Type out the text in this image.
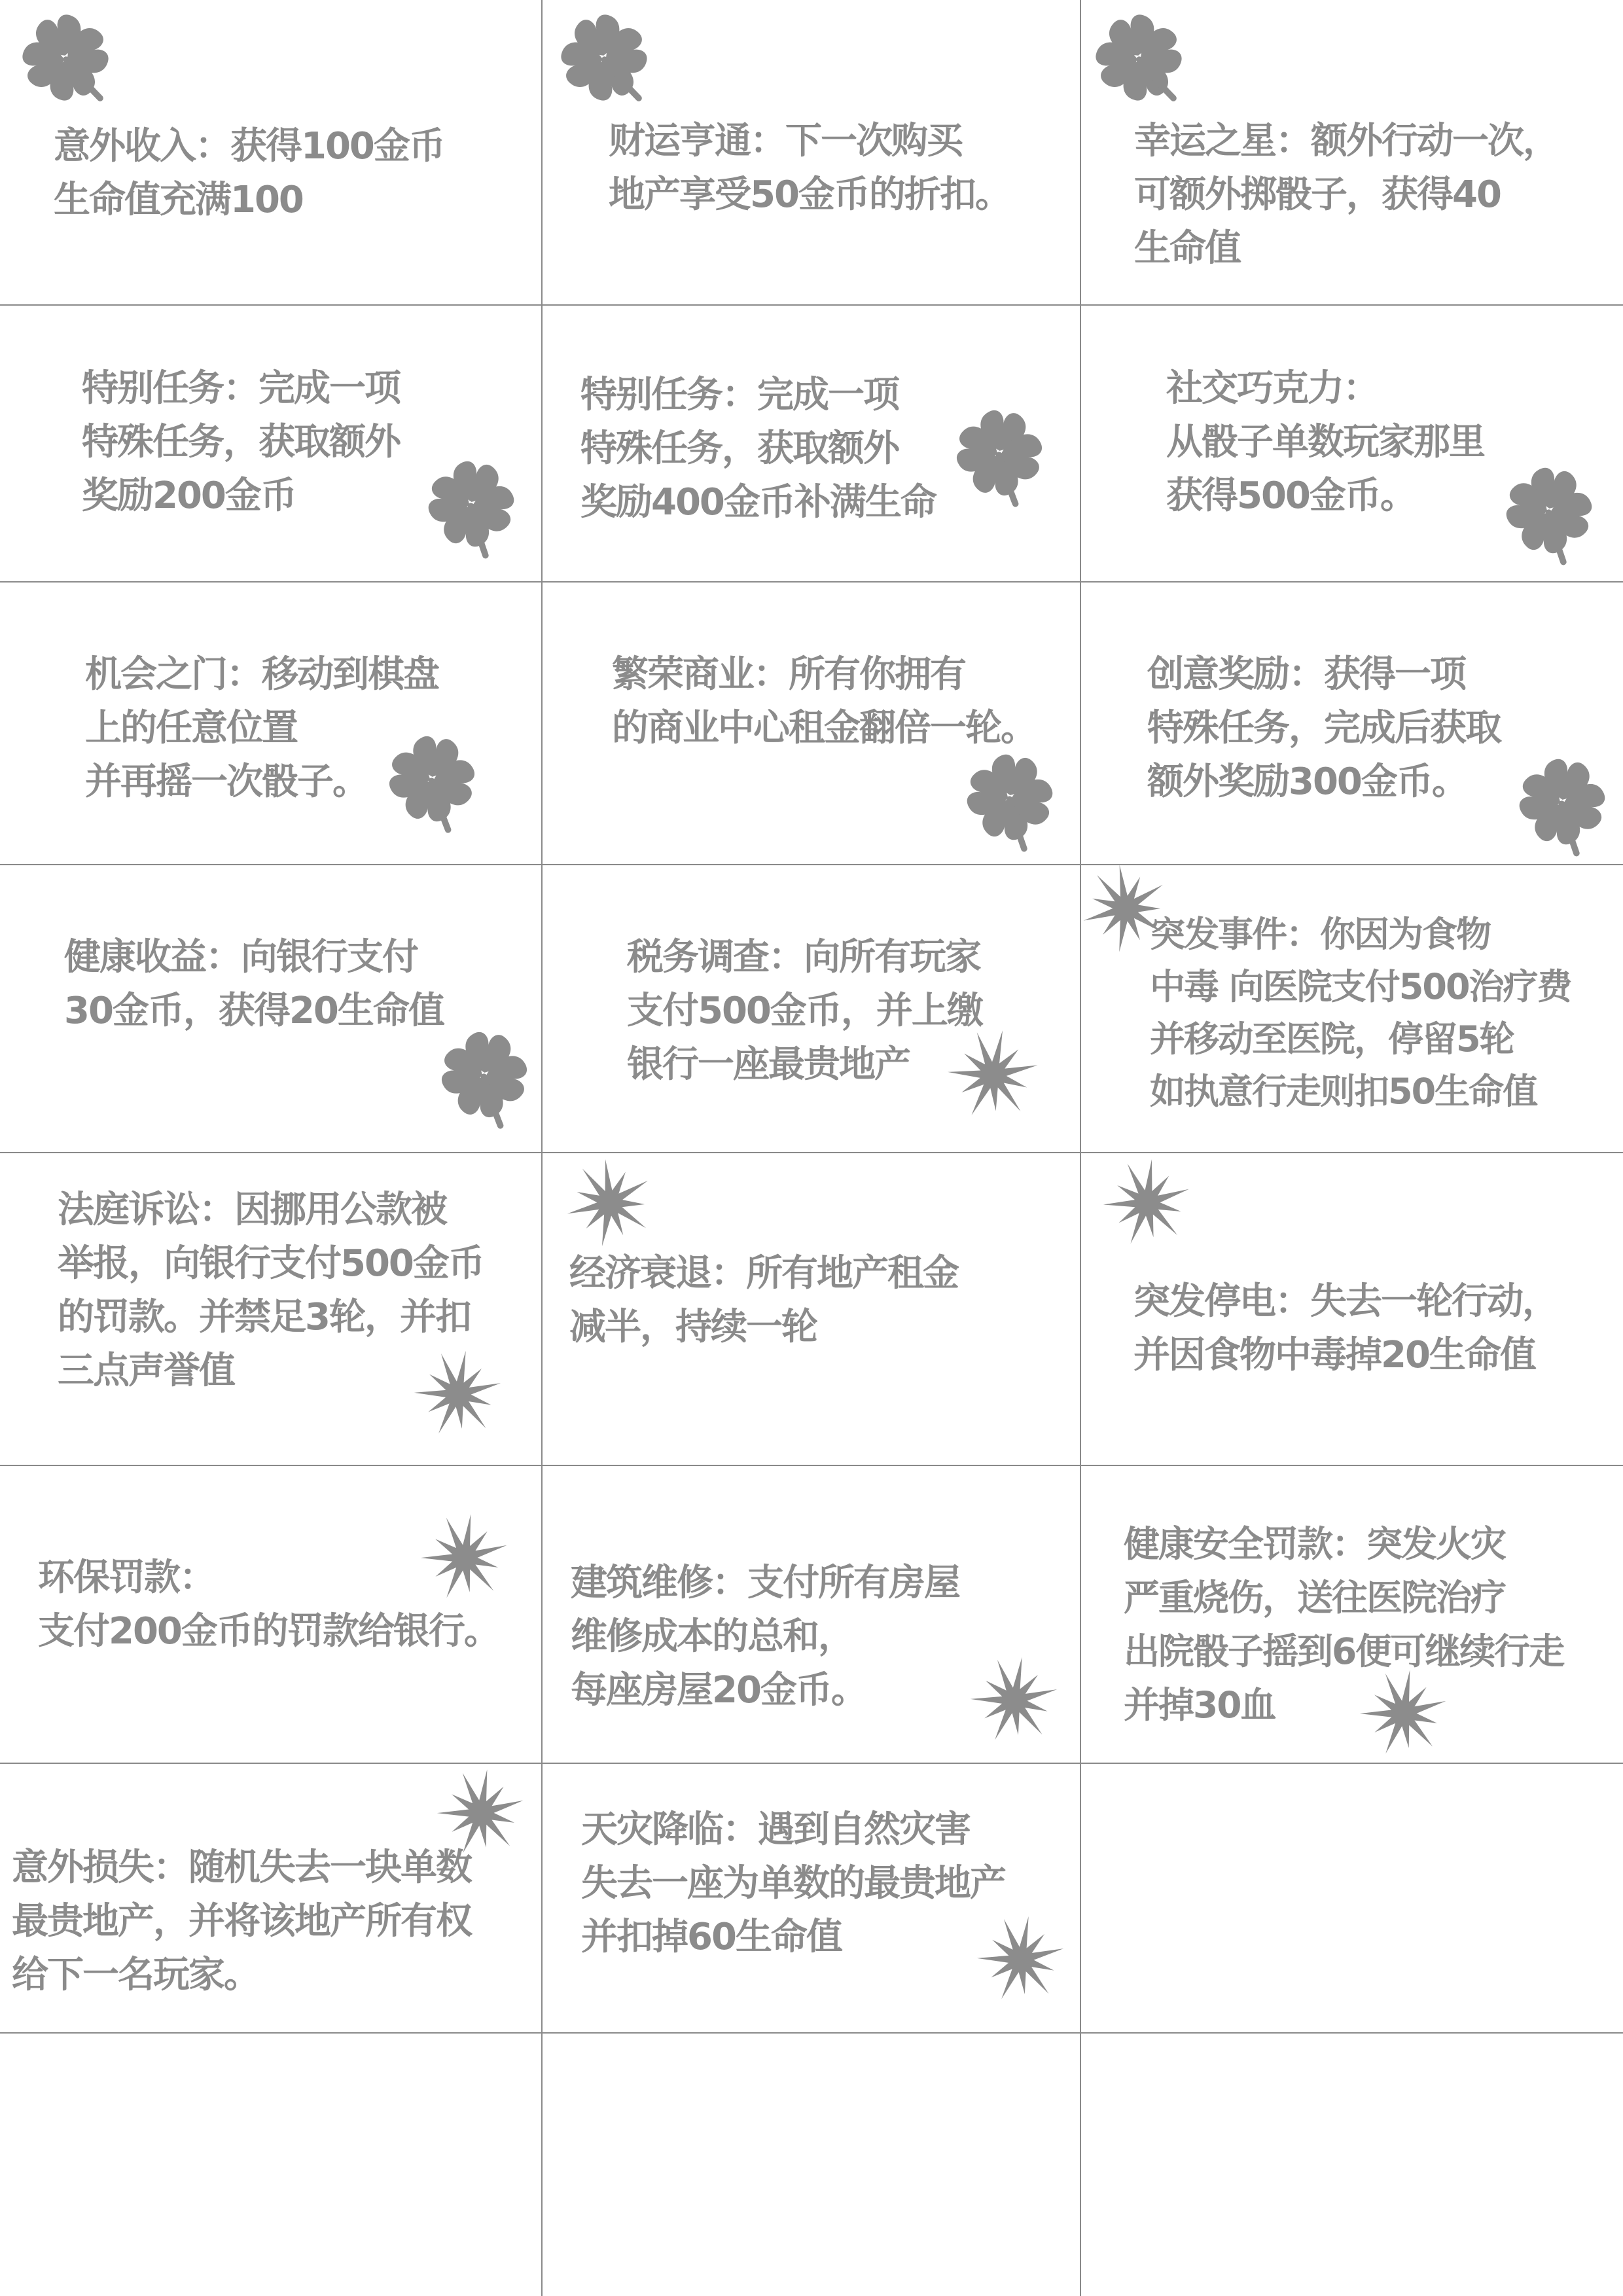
意外收入：获得100金币
生命值充满100
财运亨通：下一次购买
地产享受50金币的折扣。
幸运之星：额外行动一次，
可额外掷骰子，获得40
生命值
特别任务：完成一项
特殊任务，获取额外
奖励200金币
特别任务：完成一项
特殊任务，获取额外
奖励400金币补满生命
社交巧克力：
从骰子单数玩家那里
获得500金币。
机会之门：移动到棋盘
上的任意位置
并再摇一次骰子。
繁荣商业：所有你拥有
的商业中心租金翻倍一轮。
创意奖励：获得一项
特殊任务，完成后获取
额外奖励300金币。
健康收益：向银行支付
30金币，获得20生命值
税务调查：向所有玩家
支付500金币，并上缴
银行一座最贵地产
突发事件：你因为食物
中毒 向医院支付500治疗费
并移动至医院，停留5轮
如执意行走则扣50生命值
法庭诉讼：因挪用公款被
举报，向银行支付500金币
的罚款。并禁足3轮，并扣
三点声誉值
经济衰退：所有地产租金
减半，持续一轮
突发停电：失去一轮行动，
并因食物中毒掉20生命值
环保罚款：
支付200金币的罚款给银行。
建筑维修：支付所有房屋
维修成本的总和，
每座房屋20金币。
健康安全罚款：突发火灾
严重烧伤，送往医院治疗
出院骰子摇到6便可继续行走
并掉30血
意外损失：随机失去一块单数
最贵地产，并将该地产所有权
给下一名玩家。
天灾降临：遇到自然灾害
失去一座为单数的最贵地产
并扣掉60生命值
